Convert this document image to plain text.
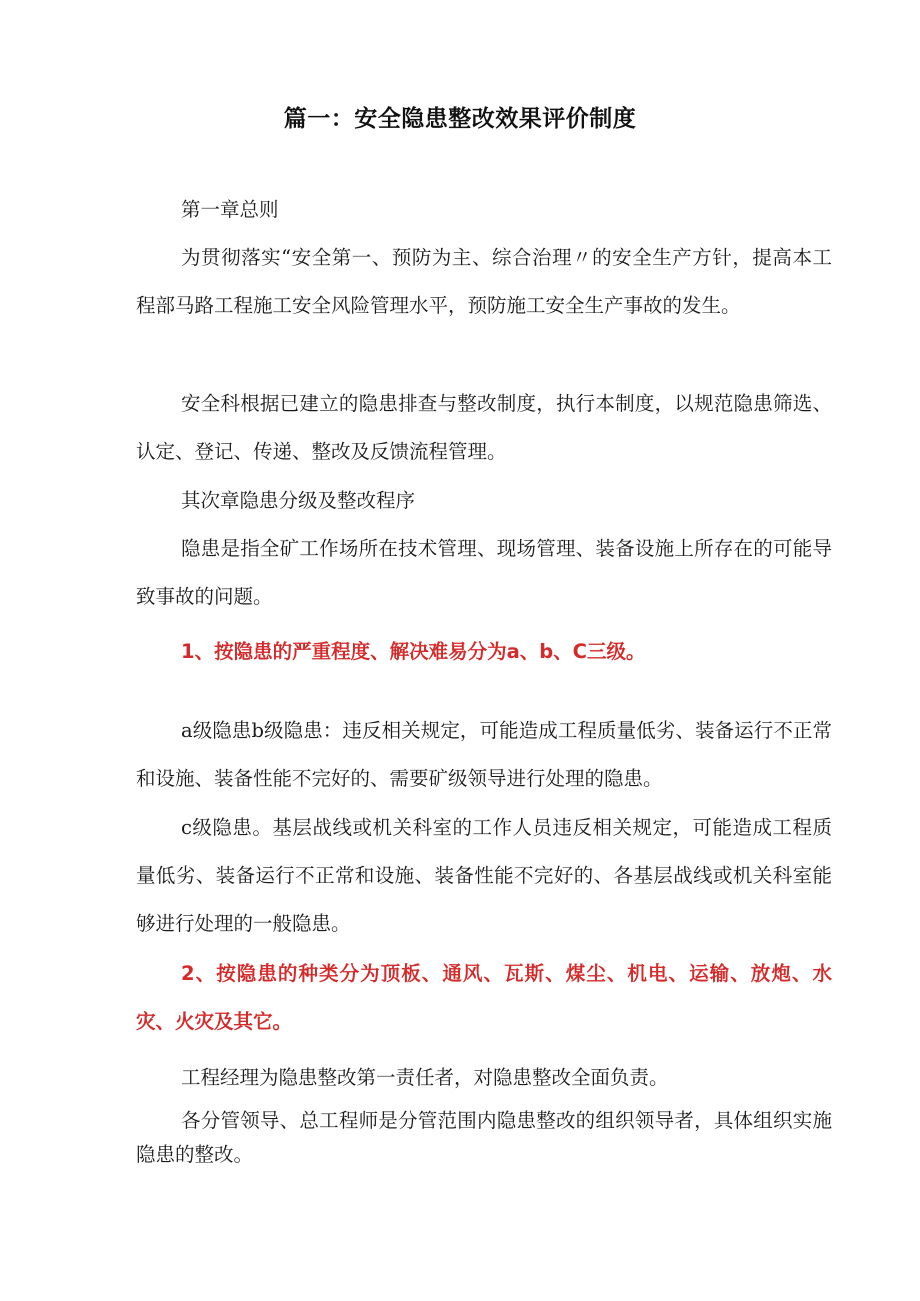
篇一：安全隐患整改效果评价制度

第一章总则

为贯彻落实“安全第一、预防为主、综合治理〃的安全生产方针，提高本工程部马路工程施工安全风险管理水平，预防施工安全生产事故的发生。

安全科根据已建立的隐患排查与整改制度，执行本制度，以规范隐患筛选、认定、登记、传递、整改及反馈流程管理。

其次章隐患分级及整改程序

隐患是指全矿工作场所在技术管理、现场管理、装备设施上所存在的可能导致事故的问题。

1、按隐患的严重程度、解决难易分为a、b、C三级。

a级隐患b级隐患：违反相关规定，可能造成工程质量低劣、装备运行不正常和设施、装备性能不完好的、需要矿级领导进行处理的隐患。

c级隐患。基层战线或机关科室的工作人员违反相关规定，可能造成工程质量低劣、装备运行不正常和设施、装备性能不完好的、各基层战线或机关科室能够进行处理的一般隐患。

2、按隐患的种类分为顶板、通风、瓦斯、煤尘、机电、运输、放炮、水灾、火灾及其它。

工程经理为隐患整改第一责任者，对隐患整改全面负责。

各分管领导、总工程师是分管范围内隐患整改的组织领导者，具体组织实施隐患的整改。
